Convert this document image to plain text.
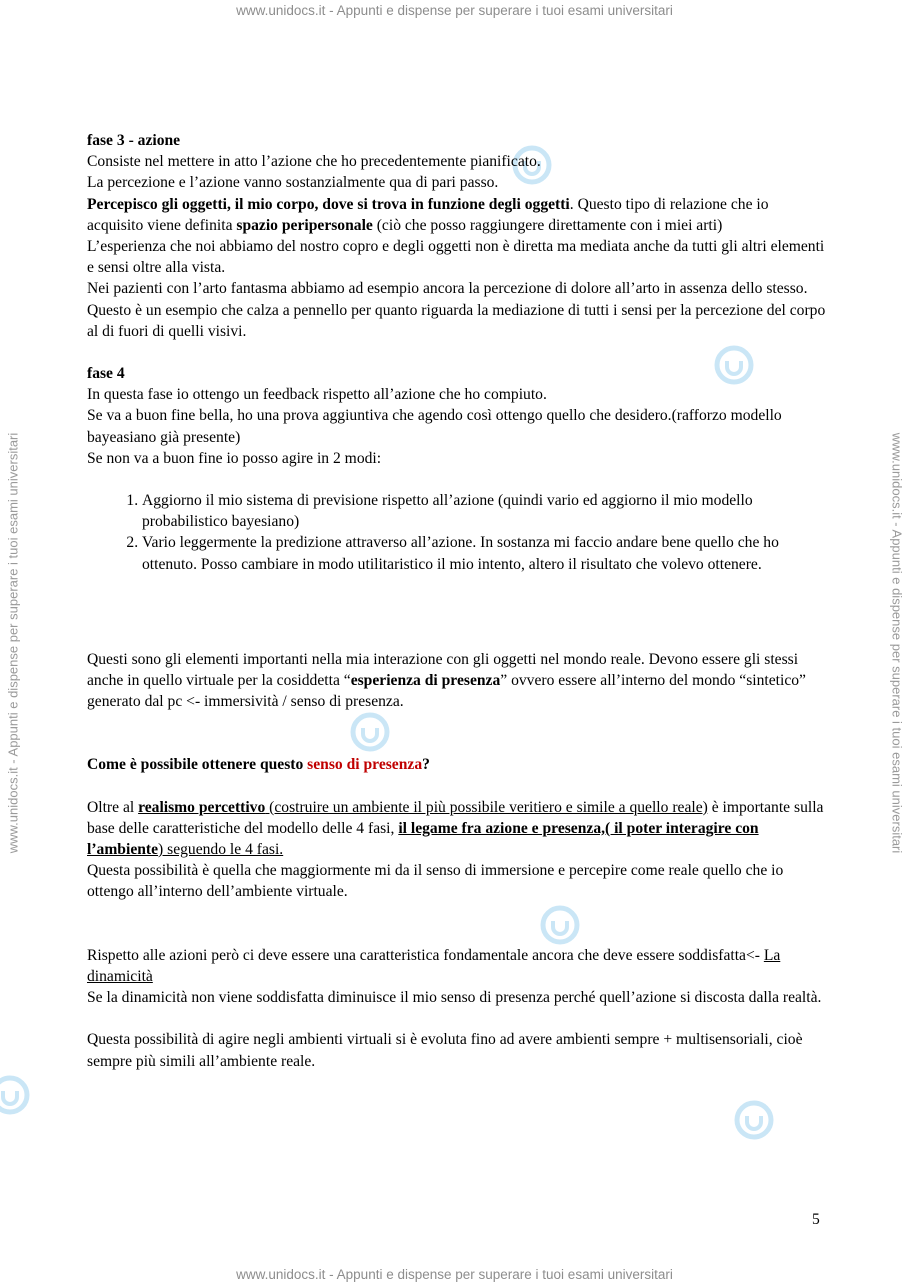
www.unidocs.it - Appunti e dispense per superare i tuoi esami universitari
www.unidocs.it - Appunti e dispense per superare i tuoi esami universitari
www.unidocs.it - Appunti e dispense per superare i tuoi esami universitari	www.unidocs.it - Appunti e dispense per superare i tuoi esami universitari

fase 3 - azione

Consiste nel mettere in atto l’azione che ho precedentemente pianificato.

La percezione e l’azione vanno sostanzialmente qua di pari passo.

Percepisco gli oggetti, il mio corpo, dove si trova in funzione degli oggetti. Questo tipo di relazione che io acquisito viene definita spazio peripersonale (ciò che posso raggiungere direttamente con i miei arti)

L’esperienza che noi abbiamo del nostro copro e degli oggetti non è diretta ma mediata anche da tutti gli altri elementi e sensi oltre alla vista.

Nei pazienti con l’arto fantasma abbiamo ad esempio ancora la percezione di dolore all’arto in assenza dello stesso. Questo è un esempio che calza a pennello per quanto riguarda la mediazione di tutti i sensi per la percezione del corpo al di fuori di quelli visivi.

fase 4

In questa fase io ottengo un feedback rispetto all’azione che ho compiuto.

Se va a buon fine bella, ho una prova aggiuntiva che agendo così ottengo quello che desidero.(rafforzo modello bayeasiano già presente)

Se non va a buon fine io posso agire in 2 modi:

1. Aggiorno il mio sistema di previsione rispetto all’azione (quindi vario ed aggiorno il mio modello probabilistico bayesiano)
2. Vario leggermente la predizione attraverso all’azione. In sostanza mi faccio andare bene quello che ho ottenuto. Posso cambiare in modo utilitaristico il mio intento, altero il risultato che volevo ottenere.

Questi sono gli elementi importanti nella mia interazione con gli oggetti nel mondo reale. Devono essere gli stessi anche in quello virtuale per la cosiddetta “esperienza di presenza” ovvero essere all’interno del mondo “sintetico” generato dal pc <- immersività / senso di presenza.

Come è possibile ottenere questo senso di presenza?

Oltre al realismo percettivo (costruire un ambiente il più possibile veritiero e simile a quello reale) è importante sulla base delle caratteristiche del modello delle 4 fasi, il legame fra azione e presenza,( il poter interagire con l’ambiente) seguendo le 4 fasi.

Questa possibilità è quella che maggiormente mi da il senso di immersione e percepire come reale quello che io ottengo all’interno dell’ambiente virtuale.

Rispetto alle azioni però ci deve essere una caratteristica fondamentale ancora che deve essere soddisfatta<- La dinamicità

Se la dinamicità non viene soddisfatta diminuisce il mio senso di presenza perché quell’azione si discosta dalla realtà.

Questa possibilità di agire negli ambienti virtuali si è evoluta fino ad avere ambienti sempre + multisensoriali, cioè sempre più simili all’ambiente reale.

5
